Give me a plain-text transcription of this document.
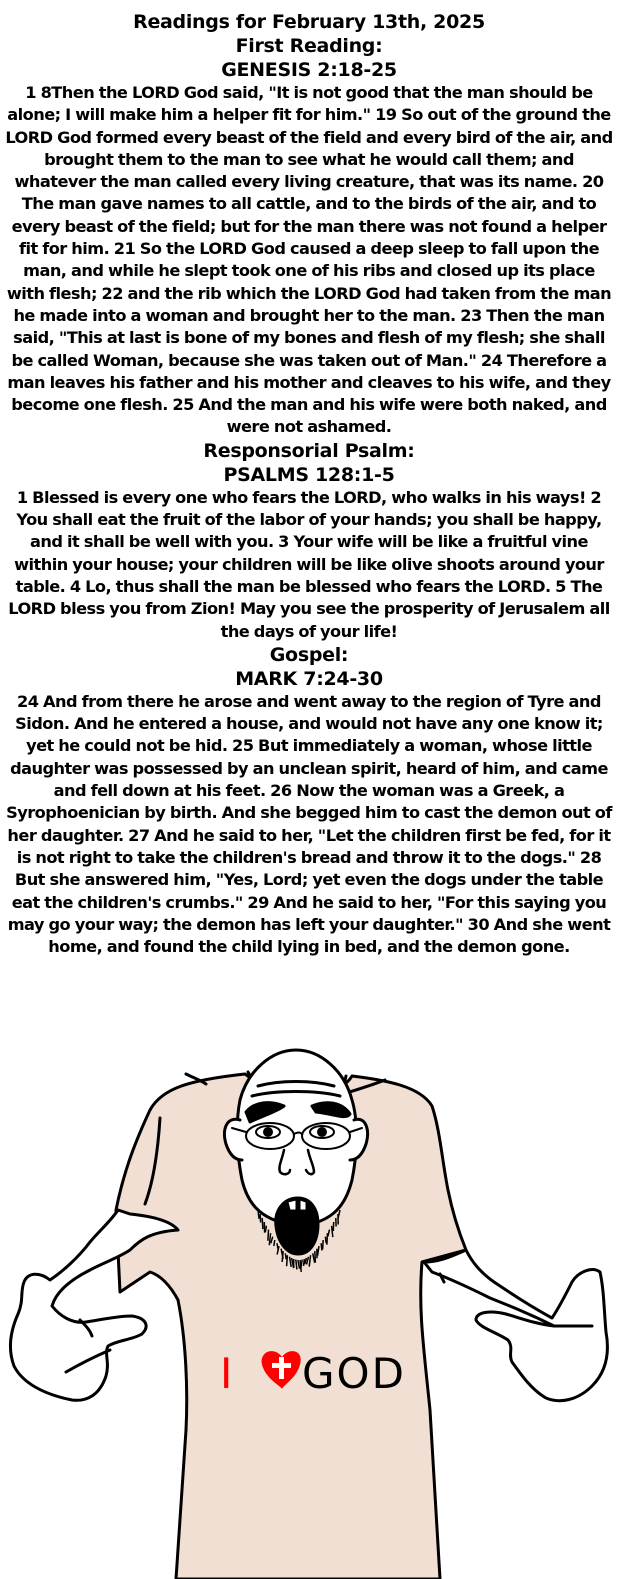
Readings for February 13th, 2025
First Reading:
GENESIS 2:18-25

1 8Then the LORD God said, "It is not good that the man should be alone; I will make him a helper fit for him." 19 So out of the ground the LORD God formed every beast of the field and every bird of the air, and brought them to the man to see what he would call them; and whatever the man called every living creature, that was its name. 20 The man gave names to all cattle, and to the birds of the air, and to every beast of the field; but for the man there was not found a helper fit for him. 21 So the LORD God caused a deep sleep to fall upon the man, and while he slept took one of his ribs and closed up its place with flesh; 22 and the rib which the LORD God had taken from the man he made into a woman and brought her to the man. 23 Then the man said, "This at last is bone of my bones and flesh of my flesh; she shall be called Woman, because she was taken out of Man." 24 Therefore a man leaves his father and his mother and cleaves to his wife, and they become one flesh. 25 And the man and his wife were both naked, and were not ashamed.

Responsorial Psalm:
PSALMS 128:1-5

1 Blessed is every one who fears the LORD, who walks in his ways! 2 You shall eat the fruit of the labor of your hands; you shall be happy, and it shall be well with you. 3 Your wife will be like a fruitful vine within your house; your children will be like olive shoots around your table. 4 Lo, thus shall the man be blessed who fears the LORD. 5 The LORD bless you from Zion! May you see the prosperity of Jerusalem all the days of your life!

Gospel:
MARK 7:24-30

24 And from there he arose and went away to the region of Tyre and Sidon. And he entered a house, and would not have any one know it; yet he could not be hid. 25 But immediately a woman, whose little daughter was possessed by an unclean spirit, heard of him, and came and fell down at his feet. 26 Now the woman was a Greek, a Syrophoenician by birth. And she begged him to cast the demon out of her daughter. 27 And he said to her, "Let the children first be fed, for it is not right to take the children's bread and throw it to the dogs." 28 But she answered him, "Yes, Lord; yet even the dogs under the table eat the children's crumbs." 29 And he said to her, "For this saying you may go your way; the demon has left your daughter." 30 And she went home, and found the child lying in bed, and the demon gone.

I GOD
